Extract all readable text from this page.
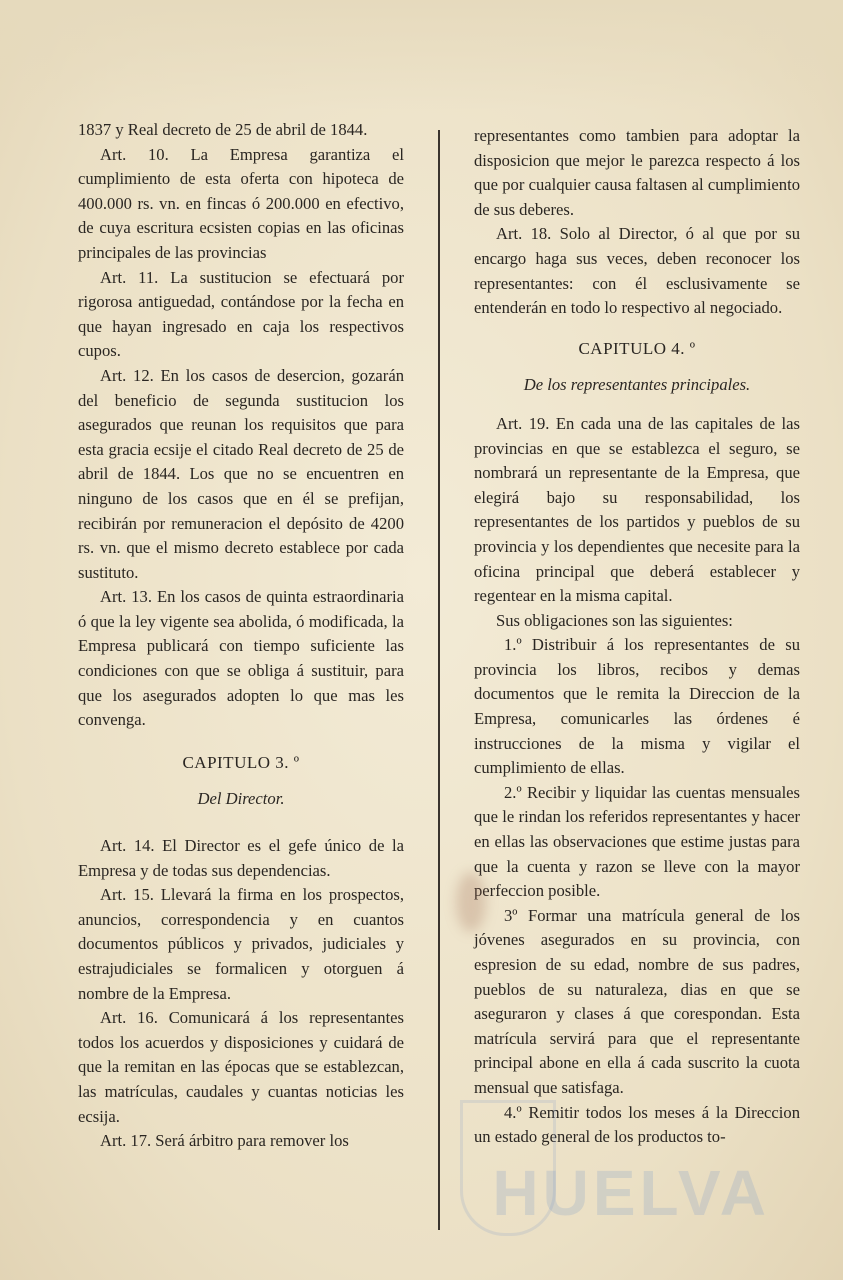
1837 y Real decreto de 25 de abril de 1844.

Art. 10. La Empresa garantiza el cumplimiento de esta oferta con hipoteca de 400.000 rs. vn. en fincas ó 200.000 en efectivo, de cuya escritura ecsisten copias en las oficinas principales de las provincias

Art. 11. La sustitucion se efectuará por rigorosa antiguedad, contándose por la fecha en que hayan ingresado en caja los respectivos cupos.

Art. 12. En los casos de desercion, gozarán del beneficio de segunda sustitucion los asegurados que reunan los requisitos que para esta gracia ecsije el citado Real decreto de 25 de abril de 1844. Los que no se encuentren en ninguno de los casos que en él se prefijan, recibirán por remuneracion el depósito de 4200 rs. vn. que el mismo decreto establece por cada sustituto.

Art. 13. En los casos de quinta estraordinaria ó que la ley vigente sea abolida, ó modificada, la Empresa publicará con tiempo suficiente las condiciones con que se obliga á sustituir, para que los asegurados adopten lo que mas les convenga.

CAPITULO 3. º

Del Director.

Art. 14. El Director es el gefe único de la Empresa y de todas sus dependencias.

Art. 15. Llevará la firma en los prospectos, anuncios, correspondencia y en cuantos documentos públicos y privados, judiciales y estrajudiciales se formalicen y otorguen á nombre de la Empresa.

Art. 16. Comunicará á los representantes todos los acuerdos y disposiciones y cuidará de que la remitan en las épocas que se establezcan, las matrículas, caudales y cuantas noticias les ecsija.

Art. 17. Será árbitro para remover los

representantes como tambien para adoptar la disposicion que mejor le parezca respecto á los que por cualquier causa faltasen al cumplimiento de sus deberes.

Art. 18. Solo al Director, ó al que por su encargo haga sus veces, deben reconocer los representantes: con él esclusivamente se entenderán en todo lo respectivo al negociado.

CAPITULO 4. º

De los representantes principales.

Art. 19. En cada una de las capitales de las provincias en que se establezca el seguro, se nombrará un representante de la Empresa, que elegirá bajo su responsabilidad, los representantes de los partidos y pueblos de su provincia y los dependientes que necesite para la oficina principal que deberá establecer y regentear en la misma capital.

Sus obligaciones son las siguientes:

1.º Distribuir á los representantes de su provincia los libros, recibos y demas documentos que le remita la Direccion de la Empresa, comunicarles las órdenes é instrucciones de la misma y vigilar el cumplimiento de ellas.

2.º Recibir y liquidar las cuentas mensuales que le rindan los referidos representantes y hacer en ellas las observaciones que estime justas para que la cuenta y razon se lleve con la mayor perfeccion posible.

3º Formar una matrícula general de los jóvenes asegurados en su provincia, con espresion de su edad, nombre de sus padres, pueblos de su naturaleza, dias en que se aseguraron y clases á que corespondan. Esta matrícula servirá para que el representante principal abone en ella á cada suscrito la cuota mensual que satisfaga.

4.º Remitir todos los meses á la Direccion un estado general de los productos to-

HUELVA
